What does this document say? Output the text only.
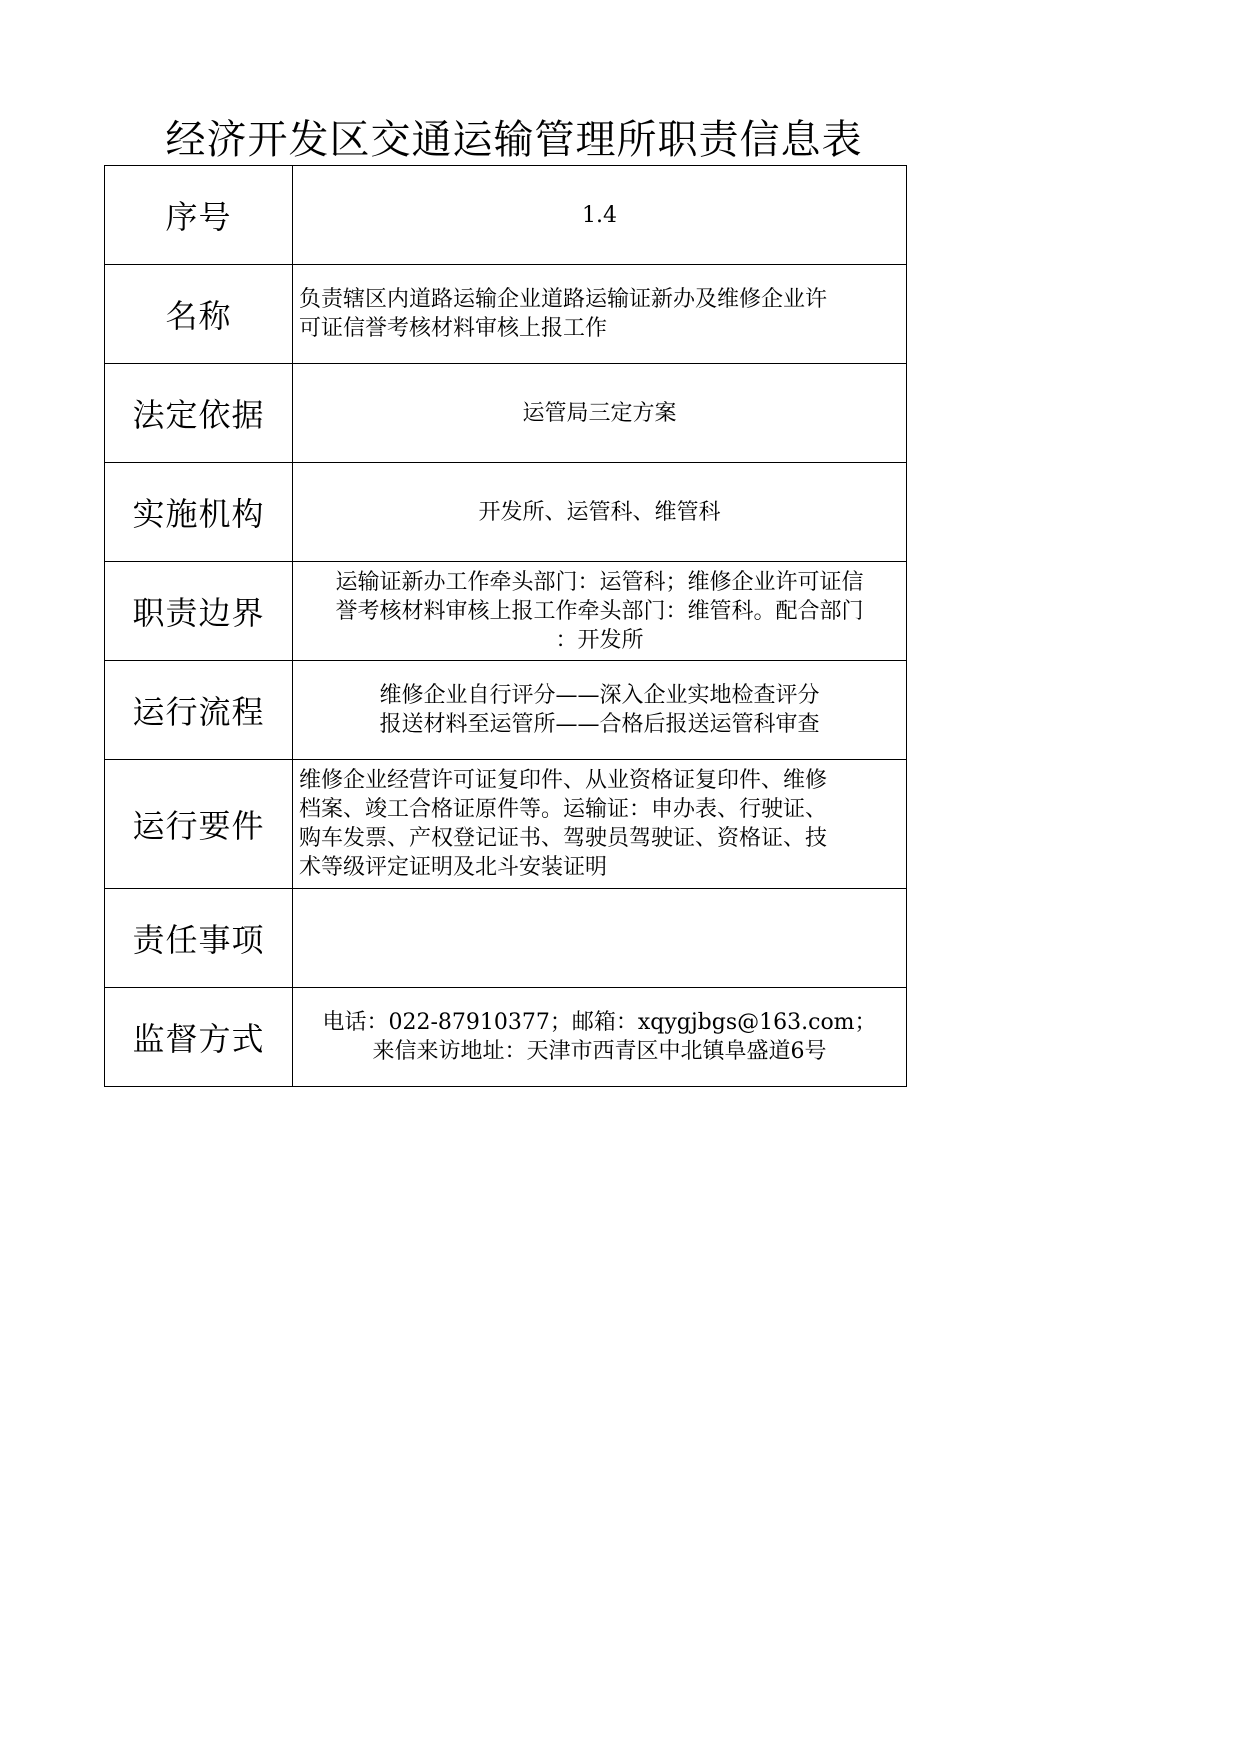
经济开发区交通运输管理所职责信息表
序号	1.4

名称	负责辖区内道路运输企业道路运输证新办及维修企业许
可证信誉考核材料审核上报工作

法定依据	运管局三定方案

实施机构	开发所、运管科、维管科

职责边界	运输证新办工作牵头部门：运管科；维修企业许可证信
誉考核材料审核上报工作牵头部门：维管科。配合部门
：开发所

运行流程	维修企业自行评分——深入企业实地检查评分
报送材料至运管所——合格后报送运管科审查

运行要件	维修企业经营许可证复印件、从业资格证复印件、维修
档案、竣工合格证原件等。运输证：申办表、行驶证、
购车发票、产权登记证书、驾驶员驾驶证、资格证、技
术等级评定证明及北斗安装证明

责任事项	

监督方式	电话：022-87910377；邮箱：xqygjbgs@163.com；
来信来访地址：天津市西青区中北镇阜盛道6号
